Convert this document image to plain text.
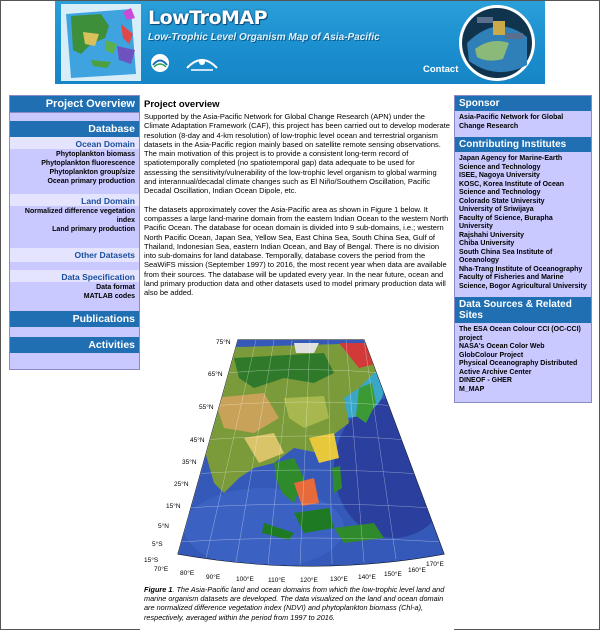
LowTroMAP
Low-Trophic Level Organism Map of Asia-Pacific
Contact
Project Overview
Database
Ocean Domain
Phytoplankton biomass
Phytoplankton fluorescence
Phytoplankton group/size
Ocean primary production
Land Domain
Normalized difference vegetation index
Land primary production
Other Datasets
Data Specification
Data format
MATLAB codes
Publications
Activities
Project overview

Supported by the Asia-Pacific Network for Global Change Research (APN) under the Climate Adaptation Framework (CAF), this project has been carried out to develop moderate resolution (8-day and 4-km resolution) of low-trophic level ocean and terrestrial organism datasets in the Asia-Pacific region mainly based on satellite remote sensing observations. The main motivation of this project is to provide a consistent long-term record of spatiotemporally completed (no spatiotemporal gap) data adequate to be used for assessing the sensitivity/vulnerability of the low-trophic level organism to global warming and interannual/decadal climate changes such as El Niño/Southern Oscillation, Pacific Decadal Oscillation, Indian Ocean Dipole, etc.

The datasets approximately cover the Asia-Pacific area as shown in Figure 1 below. It compasses a large land-marine domain from the eastern Indian Ocean to the western North Pacific Ocean. The database for ocean domain is divided into 9 sub-domains, i.e.; western North Pacific Ocean, Japan Sea, Yellow Sea, East China Sea, South China Sea, Gulf of Thailand, Indonesian Sea, eastern Indian Ocean, and Bay of Bengal. There is no division into sub-domains for land database. Temporally, database covers the period from the SeaWiFS mission (September 1997) to 2016, the most recent year when data are available from their sources. The database will be updated every year. In the near future, ocean and land primary production data and other datasets used to model primary production data will also be added.

75°N
65°N
55°N
45°N
35°N
25°N
15°N
5°N
5°S
15°S
70°E
80°E
90°E 100°E 110°E 120°E 130°E 140°E 150°E
160°E
170°E
Figure 1. The Asia-Pacific land and ocean domains from which the low-trophic level land and marine organism datasets are developed. The data visualized on the land and ocean domain are normalized difference vegetation index (NDVI) and phytoplankton biomass (Chl-a), respectively, averaged within the period from 1997 to 2016.
Sponsor
Asia-Pacific Network for Global Change Research
Contributing Institutes
Japan Agency for Marine-Earth Science and Technology
ISEE, Nagoya University
KOSC, Korea Institute of Ocean Science and Technology
Colorado State University
University of Sriwijaya
Faculty of Science, Burapha University
Rajshahi University
Chiba University
South China Sea Institute of Oceanology
Nha-Trang Institute of Oceanography
Faculty of Fisheries and Marine Science, Bogor Agricultural University
Data Sources & Related Sites
The ESA Ocean Colour CCI (OC-CCI) project
NASA's Ocean Color Web
GlobColour Project
Physical Oceanography Distributed Active Archive Center
DINEOF - GHER
M_MAP
